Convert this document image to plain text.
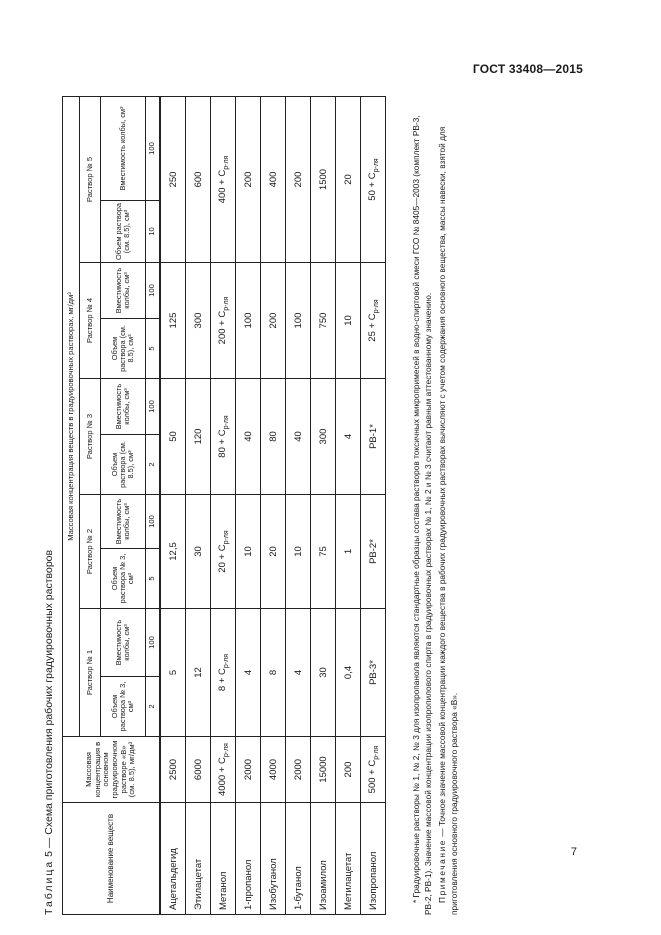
ГОСТ 33408—2015
Таблица 5 — Схема приготовления рабочих градуировочных растворов
Наименование веществ	Массовая концентрация в основном градуировочном растворе «В» (см. 8.5), мг/дм³	Массовая концентрация веществ в градуировочных растворах, мг/дм³									
		Раствор № 1		Раствор № 2		Раствор № 3		Раствор № 4		Раствор № 5	
		Объем раствора № 3, см³	Вместимость колбы, см³	Объем раствора № 3, см³	Вместимость колбы, см³	Объем раствора (см. 8.5), см³	Вместимость колбы, см³	Объем раствора (см. 8.5), см³	Вместимость колбы, см³	Объем раствора (см. 8.5), см³	Вместимость колбы, см³
		2	100	5	100	2	100	5	100	10	100
Ацетальдегид	2500	5		12,5		50		125		250	
Этилацетат	6000	12		30		120		300		600	
Метанол	$4000 + C_{р-ля}$	$8 + C_{р-ля}$		$20 + C_{р-ля}$		$80 + C_{р-ля}$		$200 + C_{р-ля}$		$400 + C_{р-ля}$
1-пропанол	2000	4		10		40		100		200	
Изобутанол	4000	8		20		80		200		400	
1-бутанол	2000	4		10		40		100		200	
Изоамилол	15000	30		75		300		750		1500	
Метилацетат	200	0,4		1		4		10		20	
Изопропанол	$500 + C_{р-ля}$	РВ-3*		РВ-2*		РВ-1*		$25 + C_{р-ля}$		$50 + C_{р-ля}$	* Градуировочные растворы № 1, № 2, № 3 для изопропанола являются стандартные образцы состава растворов токсичных микропримесей в водно-спиртовой смеси ГСО № 8405—2003 (комплект РВ-3, РВ-2, РВ-1). Значение массовой концентрации изопропилового спирта в градуировочных растворах № 1, № 2 и № 3 считают равным аттестованному значению. Примечание — Точное значение массовой концентрации каждого вещества в рабочих градуировочных растворах вычисляют с учетом содержания основного вещества, массы навески, взятой для приготовления основного градуировочного раствора «В».	7
